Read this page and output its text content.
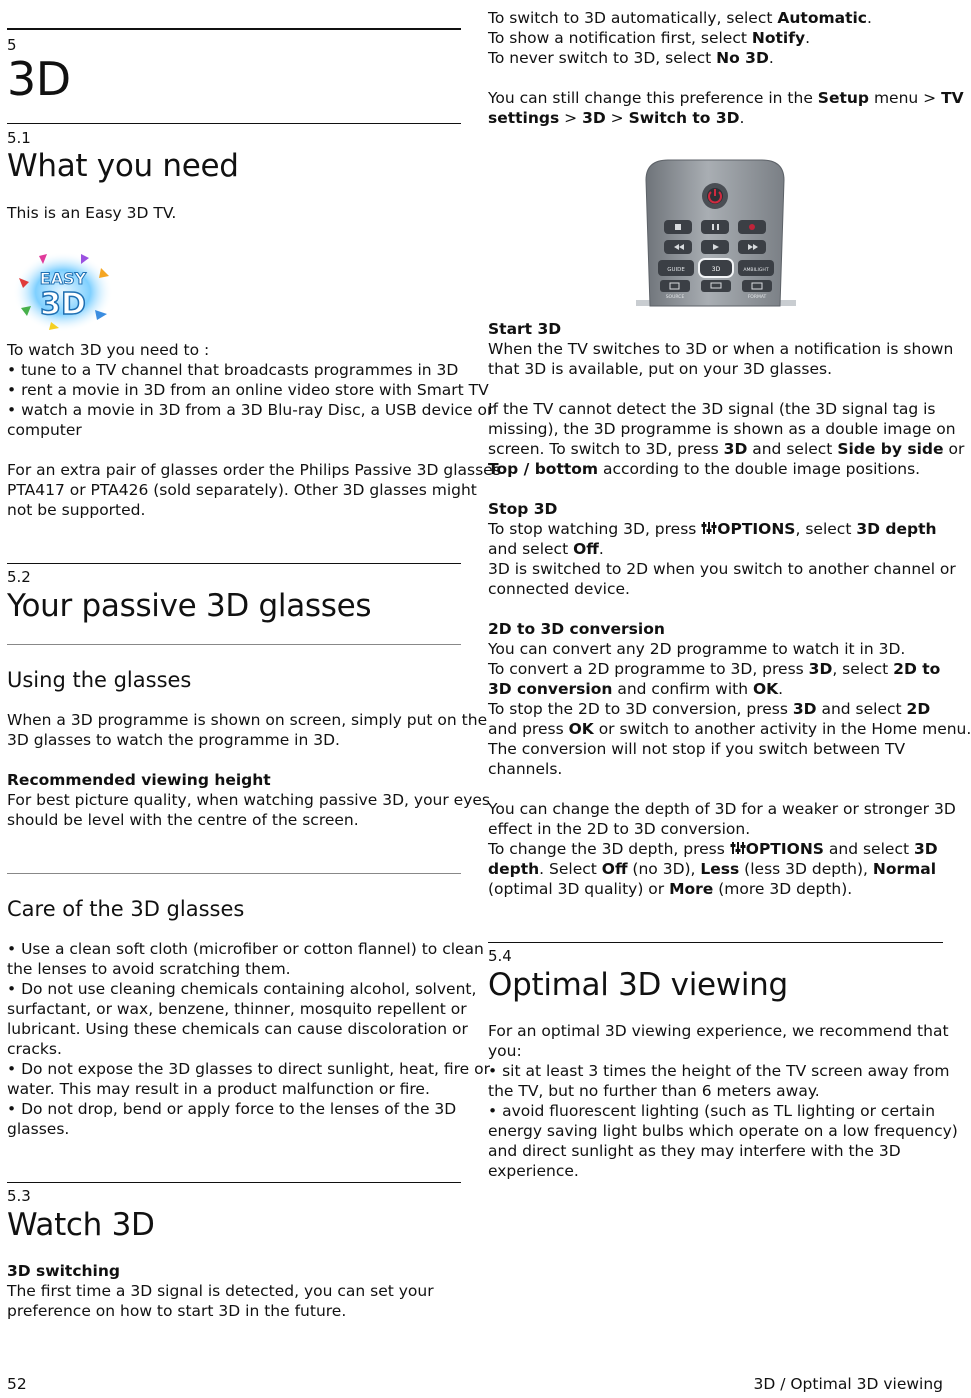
5
3D
5.1
What you need

This is an Easy 3D TV.

EASY
3D

To watch 3D you need to :

• tune to a TV channel that broadcasts programmes in 3D

• rent a movie in 3D from an online video store with Smart TV

• watch a movie in 3D from a 3D Blu-ray Disc, a USB device or

computer

For an extra pair of glasses order the Philips Passive 3D glasses

PTA417 or PTA426 (sold separately). Other 3D glasses might

not be supported.

5.2
Your passive 3D glasses
Using the glasses

When a 3D programme is shown on screen, simply put on the

3D glasses to watch the programme in 3D.

Recommended viewing height

For best picture quality, when watching passive 3D, your eyes

should be level with the centre of the screen.

Care of the 3D glasses

• Use a clean soft cloth (microfiber or cotton flannel) to clean

the lenses to avoid scratching them.

• Do not use cleaning chemicals containing alcohol, solvent,

surfactant, or wax, benzene, thinner, mosquito repellent or

lubricant. Using these chemicals can cause discoloration or

cracks.

• Do not expose the 3D glasses to direct sunlight, heat, fire or

water. This may result in a product malfunction or fire.

• Do not drop, bend or apply force to the lenses of the 3D

glasses.

5.3
Watch 3D

3D switching

The first time a 3D signal is detected, you can set your

preference on how to start 3D in the future.

To switch to 3D automatically, select Automatic.

To show a notification first, select Notify.

To never switch to 3D, select No 3D.

You can still change this preference in the Setup menu > TV

settings > 3D > Switch to 3D.

GUIDE	3D	AMBILIGHT
SOURCE	FORMAT

Start 3D

When the TV switches to 3D or when a notification is shown

that 3D is available, put on your 3D glasses.

If the TV cannot detect the 3D signal (the 3D signal tag is

missing), the 3D programme is shown as a double image on

screen. To switch to 3D, press 3D and select Side by side or

Top / bottom according to the double image positions.

Stop 3D

To stop watching 3D, press OPTIONS, select 3D depth

and select Off.

3D is switched to 2D when you switch to another channel or

connected device.

2D to 3D conversion

You can convert any 2D programme to watch it in 3D.

To convert a 2D programme to 3D, press 3D, select 2D to

3D conversion and confirm with OK.

To stop the 2D to 3D conversion, press 3D and select 2D

and press OK or switch to another activity in the Home menu.

The conversion will not stop if you switch between TV

channels.

You can change the depth of 3D for a weaker or stronger 3D

effect in the 2D to 3D conversion.

To change the 3D depth, press OPTIONS and select 3D

depth. Select Off (no 3D), Less (less 3D depth), Normal

(optimal 3D quality) or More (more 3D depth).

5.4
Optimal 3D viewing

For an optimal 3D viewing experience, we recommend that

you:

• sit at least 3 times the height of the TV screen away from

the TV, but no further than 6 meters away.

• avoid fluorescent lighting (such as TL lighting or certain

energy saving light bulbs which operate on a low frequency)

and direct sunlight as they may interfere with the 3D

experience.

52	3D / Optimal 3D viewing
